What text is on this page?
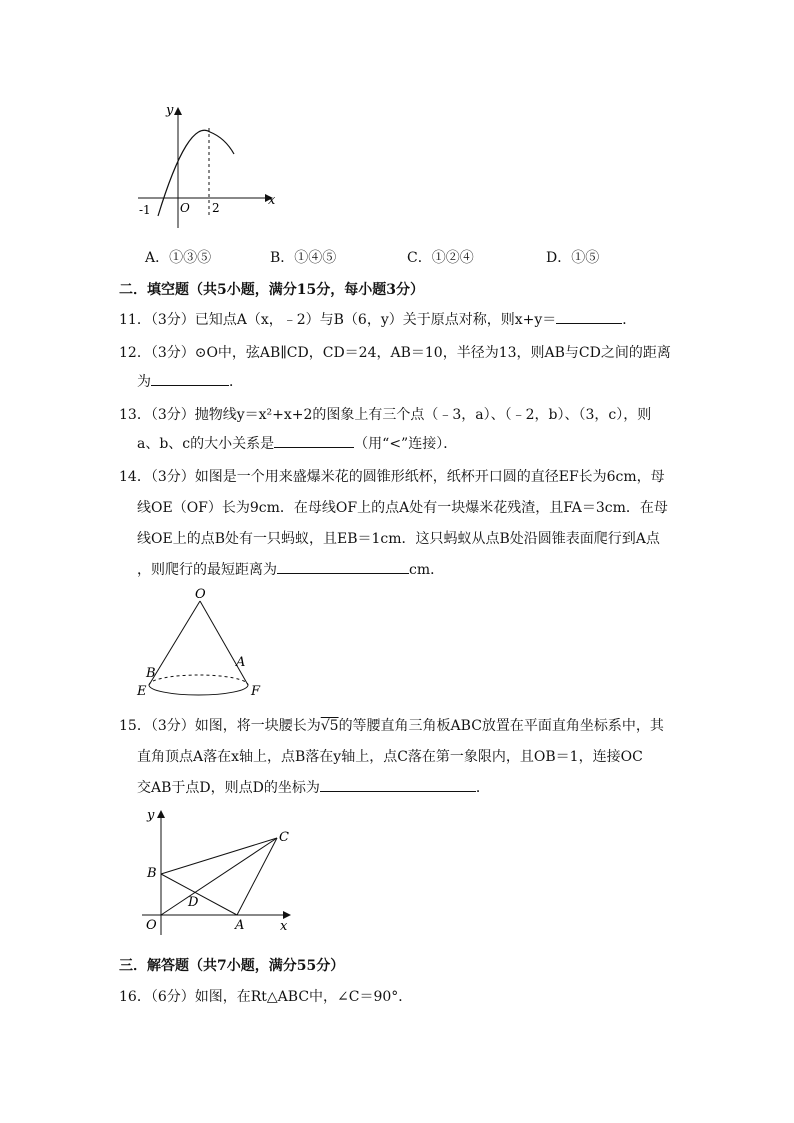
y
x
-1 O 2
A．①③⑤	B．①④⑤	C．①②④	D．①⑤
二．填空题（共5小题，满分15分，每小题3分）
11．（3分）已知点A（x，﹣2）与B（6，y）关于原点对称，则x+y＝	．
12．（3分）⊙O中，弦AB∥CD，CD＝24，AB＝10，半径为13，则AB与CD之间的距离
为	．
13．（3分）抛物线y＝x²+x+2的图象上有三个点（﹣3，a）、（﹣2，b）、（3，c），则
a、b、c的大小关系是	（用“<”连接）．
14．（3分）如图是一个用来盛爆米花的圆锥形纸杯，纸杯开口圆的直径EF长为6cm，母
线OE（OF）长为9cm．在母线OF上的点A处有一块爆米花残渣，且FA＝3cm．在母
线OE上的点B处有一只蚂蚁，且EB＝1cm．这只蚂蚁从点B处沿圆锥表面爬行到A点
，则爬行的最短距离为	cm．
O
A
B
E	F
15．（3分）如图，将一块腰长为√5的等腰直角三角板ABC放置在平面直角坐标系中，其
直角顶点A落在x轴上，点B落在y轴上，点C落在第一象限内，且OB＝1，连接OC
交AB于点D，则点D的坐标为	．
y
x
O	A
B
C
D
三．解答题（共7小题，满分55分）
16．（6分）如图，在Rt△ABC中，∠C＝90°．
